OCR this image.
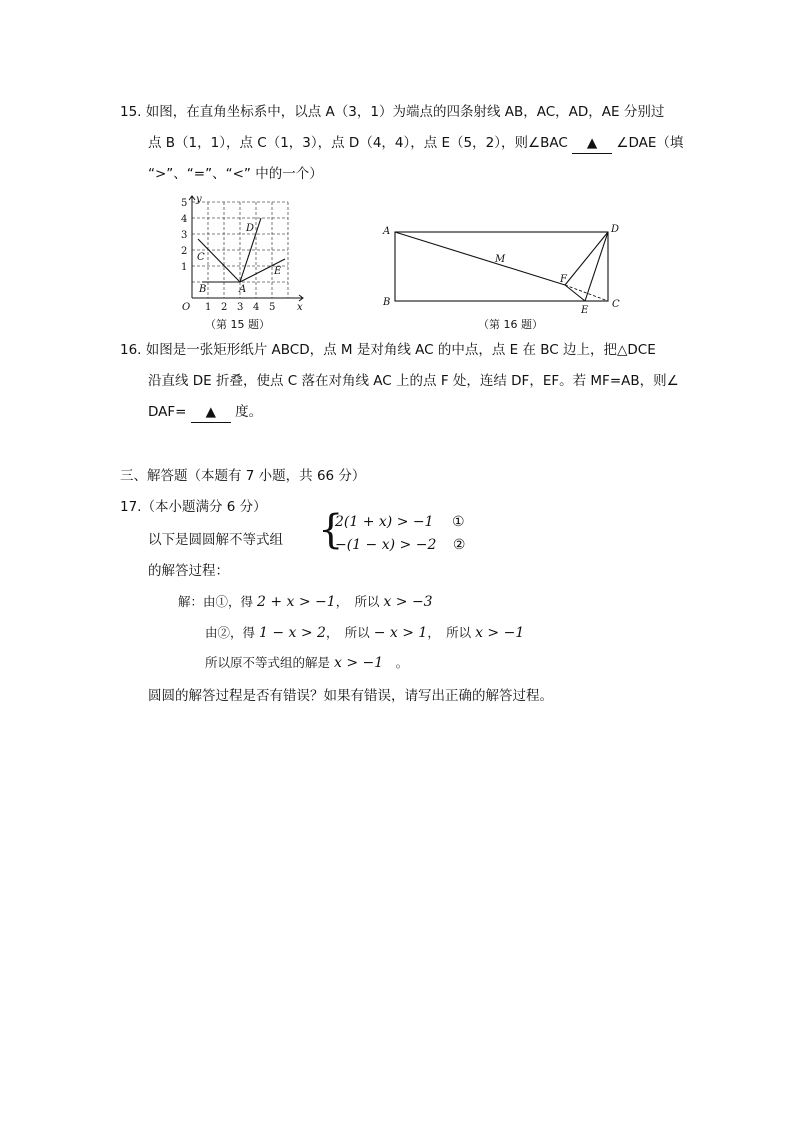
15. 如图，在直角坐标系中，以点 A（3，1）为端点的四条射线 AB，AC，AD，AE 分别过
点 B（1，1），点 C（1，3），点 D（4，4），点 E（5，2），则∠BAC ▲ ∠DAE（填
“>”、“=”、“<” 中的一个）
5
4
3
2
1
1 2 3 4 5
O	x
y
A
B
C
D
E
（第 15 题）
A
B	C
D
E
F
M
（第 16 题）
16. 如图是一张矩形纸片 ABCD，点 M 是对角线 AC 的中点，点 E 在 BC 边上，把△DCE
沿直线 DE 折叠，使点 C 落在对角线 AC 上的点 F 处，连结 DF，EF。若 MF=AB，则∠
DAF= ▲ 度。
三、解答题（本题有 7 小题，共 66 分）
17.（本小题满分 6 分）
以下是圆圆解不等式组 {
2(1 + x) > −1 ①
−(1 − x) > −2 ②
的解答过程：
解：由①，得 2 + x > −1，　所以 x > −3
由②，得 1 − x > 2，　所以 − x > 1，　所以 x > −1
所以原不等式组的解是 x > −1　。
圆圆的解答过程是否有错误？如果有错误，请写出正确的解答过程。
